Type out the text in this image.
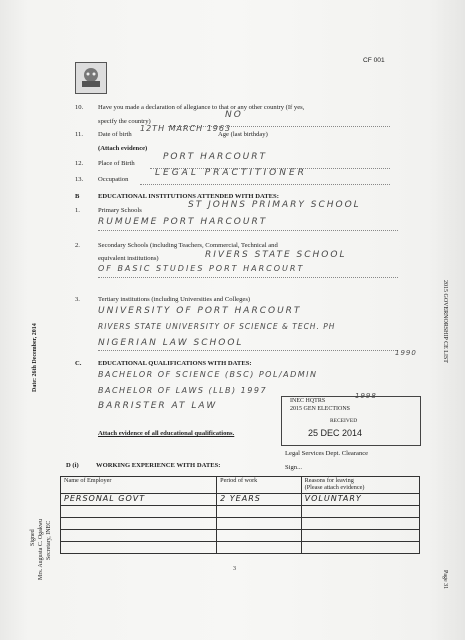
CF 001
10. Have you made a declaration of allegiance to that or any other country (If yes,
specify the country)
NO
11. Date of birth
12TH MARCH 1963
Age (last birthday)
(Attach evidence)
12. Place of Birth
PORT HARCOURT
13. Occupation
LEGAL PRACTITIONER
B	EDUCATIONAL INSTITUTIONS ATTENDED WITH DATES:
1.	Primary Schools
ST JOHNS PRIMARY SCHOOL
RUMUEME PORT HARCOURT
2.	Secondary Schools (including Teachers, Commercial, Technical and
equivalent institutions)	RIVERS STATE SCHOOL
OF BASIC STUDIES PORT HARCOURT
3.	Tertiary institutions (including Universities and Colleges)
UNIVERSITY OF PORT HARCOURT
RIVERS STATE UNIVERSITY OF SCIENCE & TECH. PH
NIGERIAN LAW SCHOOL
C.	EDUCATIONAL QUALIFICATIONS WITH DATES:
1990
BACHELOR OF SCIENCE (BSC) POL/ADMIN
BACHELOR OF LAWS (LLB) 1997
BARRISTER AT LAW
1998
Attach evidence of all educational qualifications.
INEC HQTRS
2015 GEN ELECTIONS
RECEIVED
25 DEC 2014
Legal Services Dept. Clearance
Sign...
D (i)	WORKING EXPERIENCE WITH DATES:
Name of Employer	Period of work	Reasons for leaving
(Please attach evidence)
PERSONAL GOVT	2 YEARS	VOLUNTARY

3
Date: 26th December, 2014
Signed Mrs. Augusta C. Ogakwu Secretary, INEC
2015 GOVERNORSHIP CE LIST
Page 31
